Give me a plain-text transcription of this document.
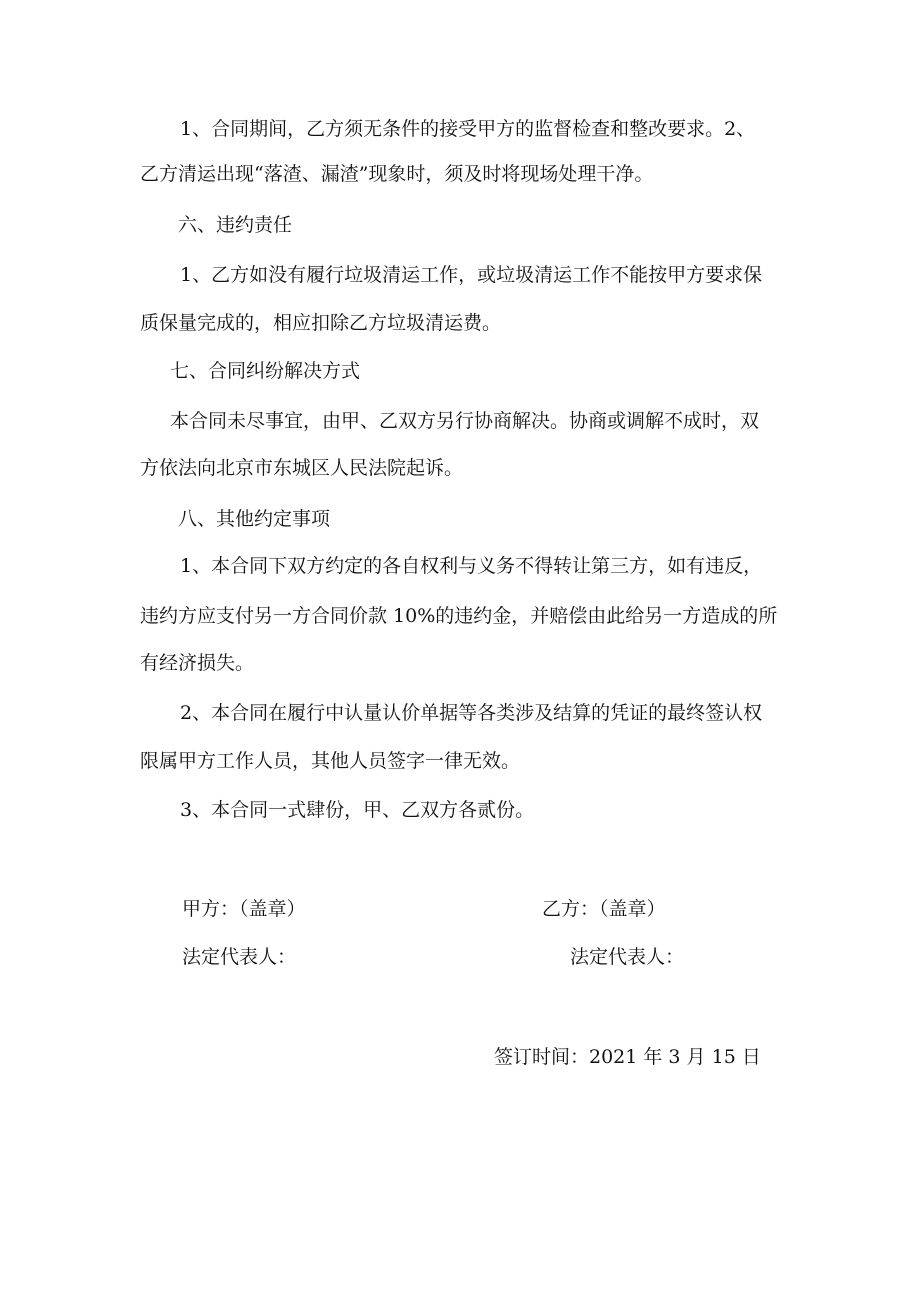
1、合同期间，乙方须无条件的接受甲方的监督检查和整改要求。2、

乙方清运出现“落渣、漏渣”现象时，须及时将现场处理干净。

六、违约责任

1、乙方如没有履行垃圾清运工作，或垃圾清运工作不能按甲方要求保

质保量完成的，相应扣除乙方垃圾清运费。

七、合同纠纷解决方式

本合同未尽事宜，由甲、乙双方另行协商解决。协商或调解不成时，双

方依法向北京市东城区人民法院起诉。

八、其他约定事项

1、本合同下双方约定的各自权利与义务不得转让第三方，如有违反，

违约方应支付另一方合同价款 10%的违约金，并赔偿由此给另一方造成的所

有经济损失。

2、本合同在履行中认量认价单据等各类涉及结算的凭证的最终签认权

限属甲方工作人员，其他人员签字一律无效。

3、本合同一式肆份，甲、乙双方各贰份。

甲方：（盖章）	乙方：（盖章）

法定代表人：	法定代表人：

签订时间：2021 年 3 月 15 日
